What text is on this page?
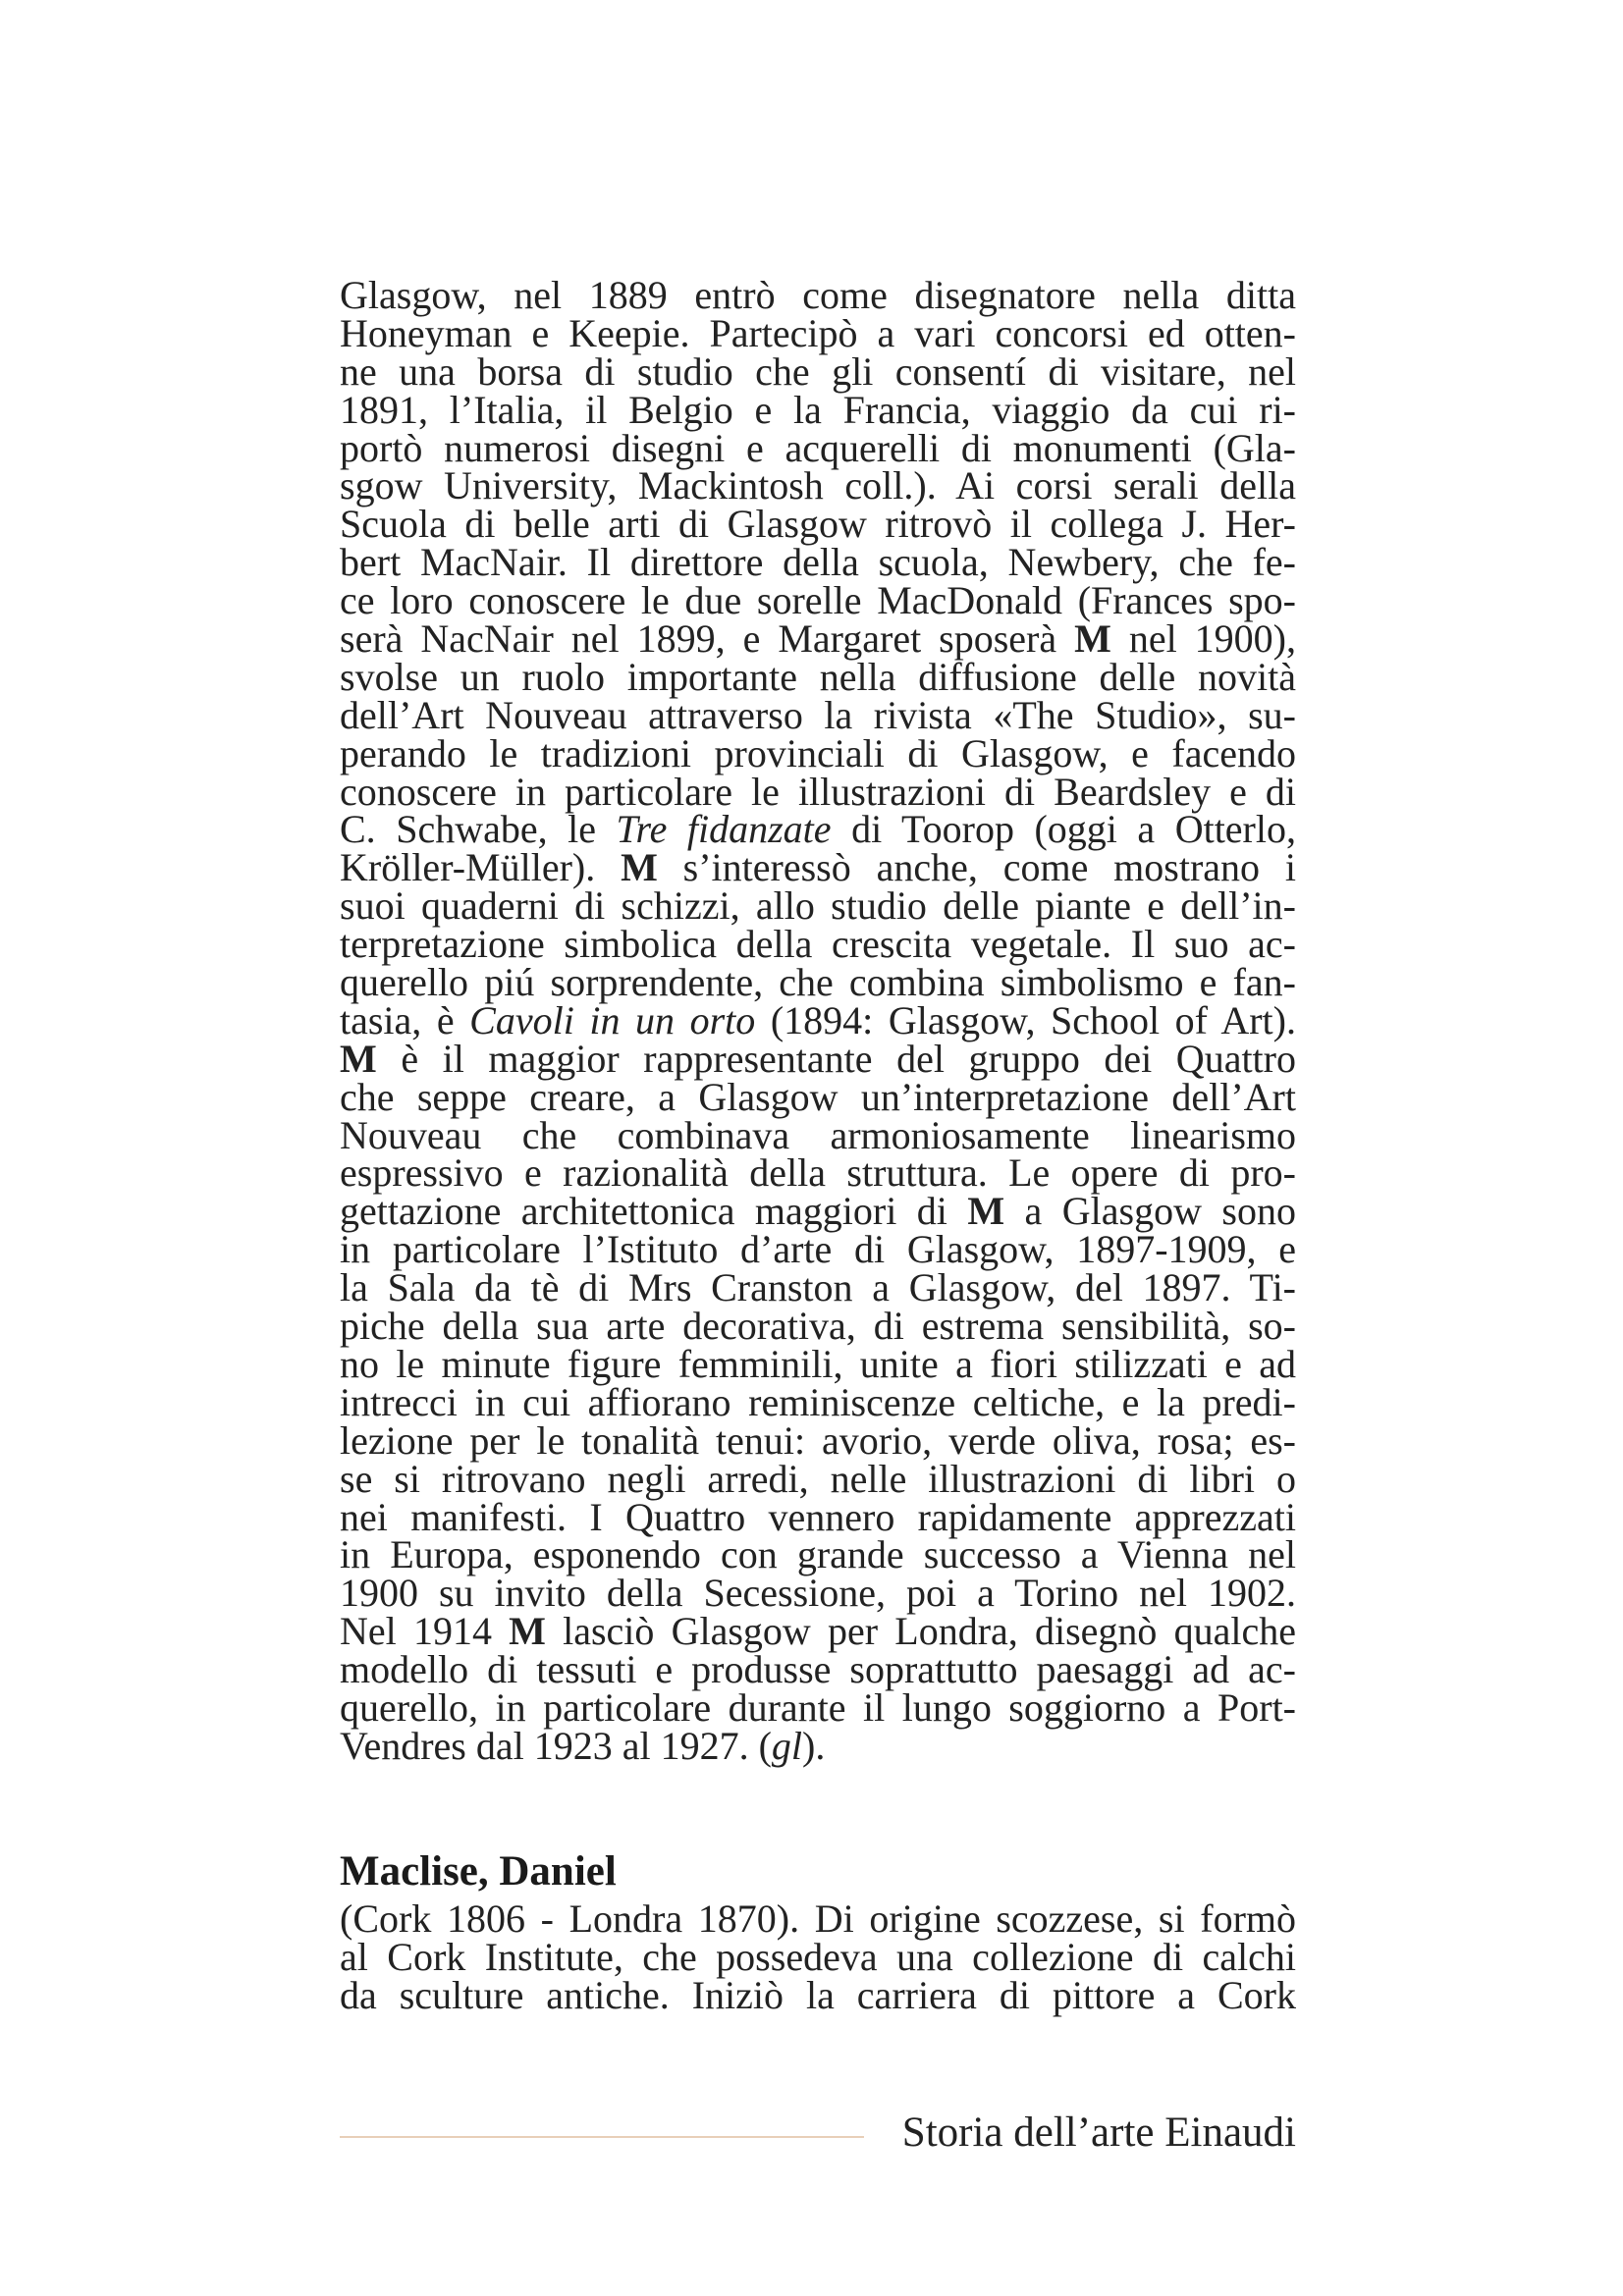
Glasgow, nel 1889 entrò come disegnatore nella ditta
Honeyman e Keepie. Partecipò a vari concorsi ed otten-
ne una borsa di studio che gli consentí di visitare, nel
1891, l’Italia, il Belgio e la Francia, viaggio da cui ri-
portò numerosi disegni e acquerelli di monumenti (Gla-
sgow University, Mackintosh coll.). Ai corsi serali della
Scuola di belle arti di Glasgow ritrovò il collega J. Her-
bert MacNair. Il direttore della scuola, Newbery, che fe-
ce loro conoscere le due sorelle MacDonald (Frances spo-
serà NacNair nel 1899, e Margaret sposerà M nel 1900),
svolse un ruolo importante nella diffusione delle novità
dell’Art Nouveau attraverso la rivista «The Studio», su-
perando le tradizioni provinciali di Glasgow, e facendo
conoscere in particolare le illustrazioni di Beardsley e di
C. Schwabe, le Tre fidanzate di Toorop (oggi a Otterlo,
Kröller-Müller). M s’interessò anche, come mostrano i
suoi quaderni di schizzi, allo studio delle piante e dell’in-
terpretazione simbolica della crescita vegetale. Il suo ac-
querello piú sorprendente, che combina simbolismo e fan-
tasia, è Cavoli in un orto (1894: Glasgow, School of Art).
M è il maggior rappresentante del gruppo dei Quattro
che seppe creare, a Glasgow un’interpretazione dell’Art
Nouveau che combinava armoniosamente linearismo
espressivo e razionalità della struttura. Le opere di pro-
gettazione architettonica maggiori di M a Glasgow sono
in particolare l’Istituto d’arte di Glasgow, 1897-1909, e
la Sala da tè di Mrs Cranston a Glasgow, del 1897. Ti-
piche della sua arte decorativa, di estrema sensibilità, so-
no le minute figure femminili, unite a fiori stilizzati e ad
intrecci in cui affiorano reminiscenze celtiche, e la predi-
lezione per le tonalità tenui: avorio, verde oliva, rosa; es-
se si ritrovano negli arredi, nelle illustrazioni di libri o
nei manifesti. I Quattro vennero rapidamente apprezzati
in Europa, esponendo con grande successo a Vienna nel
1900 su invito della Secessione, poi a Torino nel 1902.
Nel 1914 M lasciò Glasgow per Londra, disegnò qualche
modello di tessuti e produsse soprattutto paesaggi ad ac-
querello, in particolare durante il lungo soggiorno a Port-
Vendres dal 1923 al 1927. (gl).
Maclise, Daniel
(Cork 1806 - Londra 1870). Di origine scozzese, si formò
al Cork Institute, che possedeva una collezione di calchi
da sculture antiche. Iniziò la carriera di pittore a Cork
Storia dell’arte Einaudi
